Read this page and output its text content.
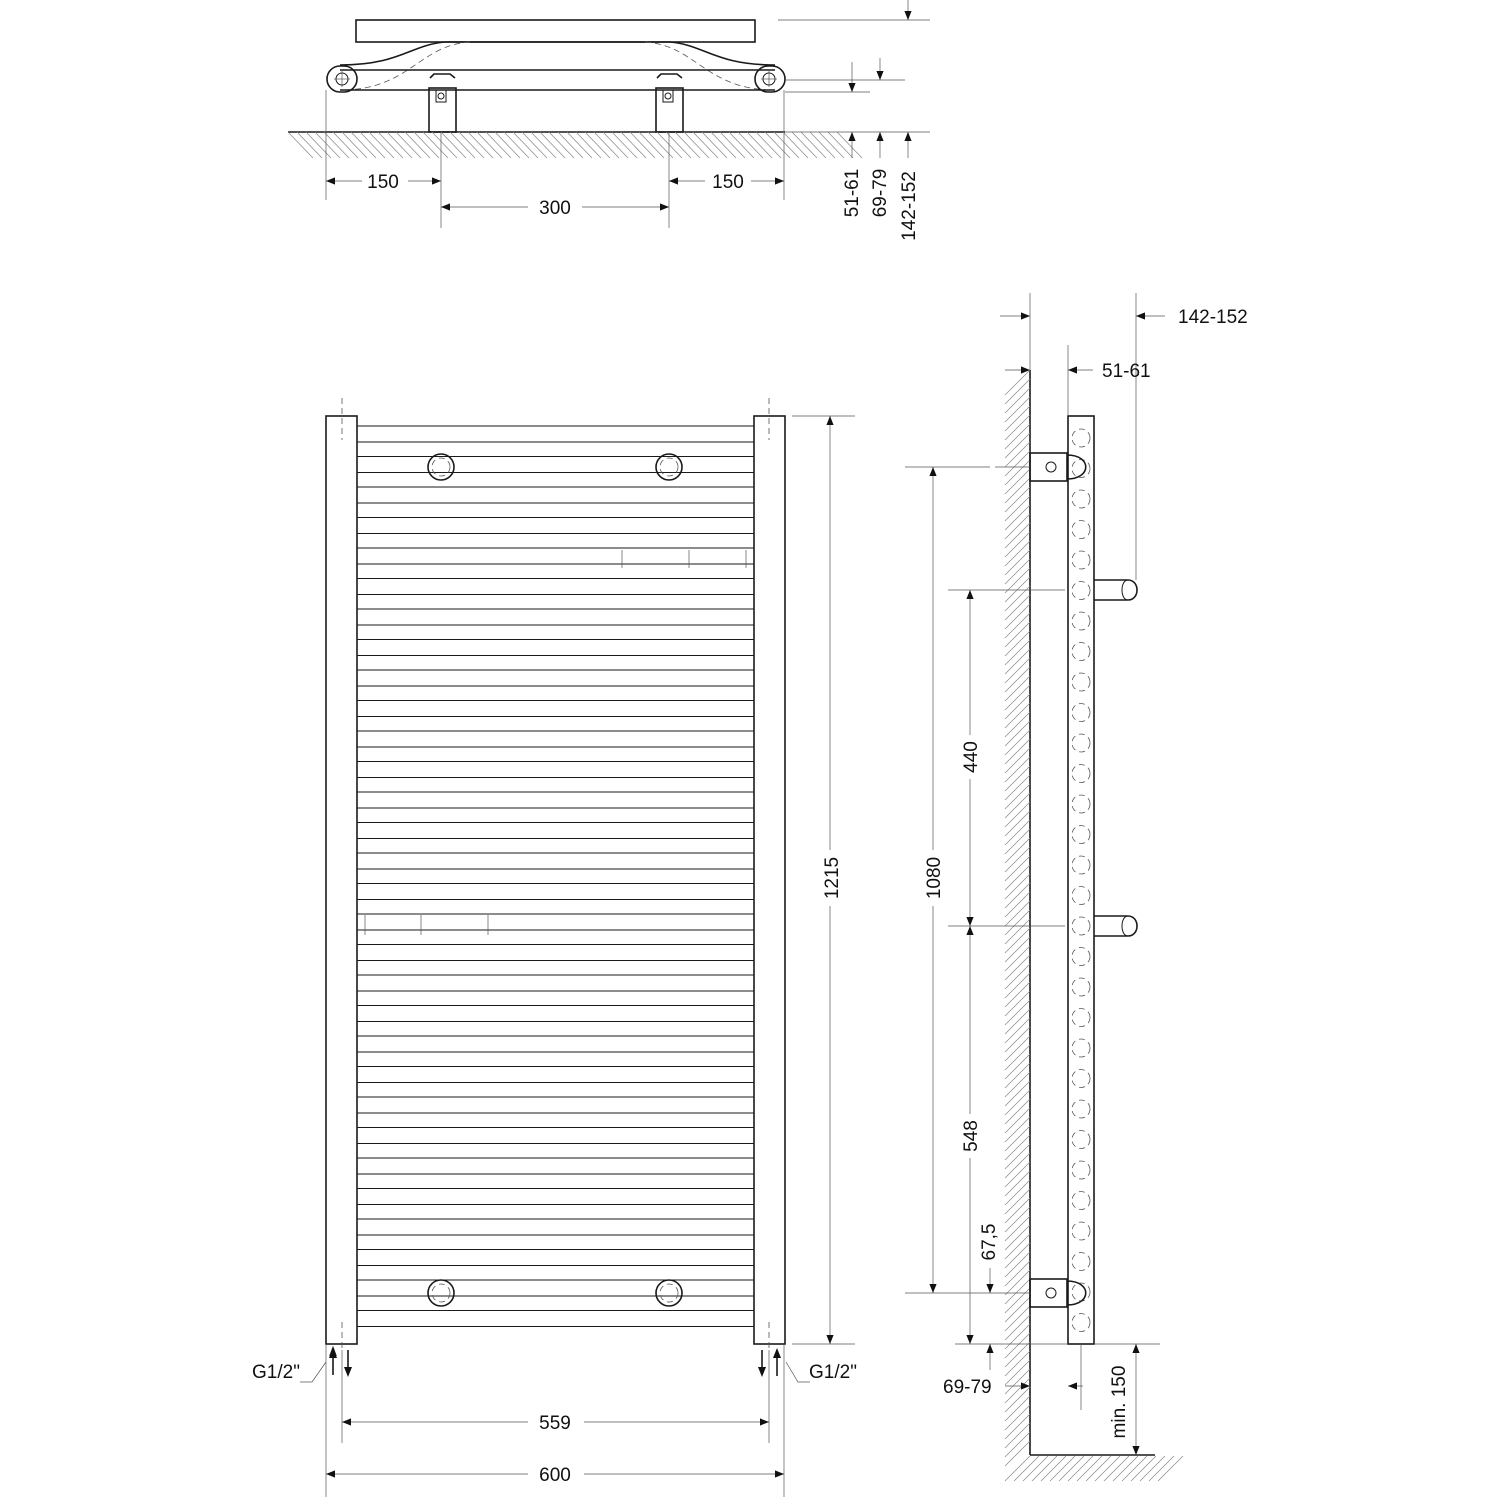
150
300
150	51-61 69-79 142-152
1215
G1/2"	G1/2"
559
600
142-152
51-61
1080
440
548
67,5
69-79	min. 150
